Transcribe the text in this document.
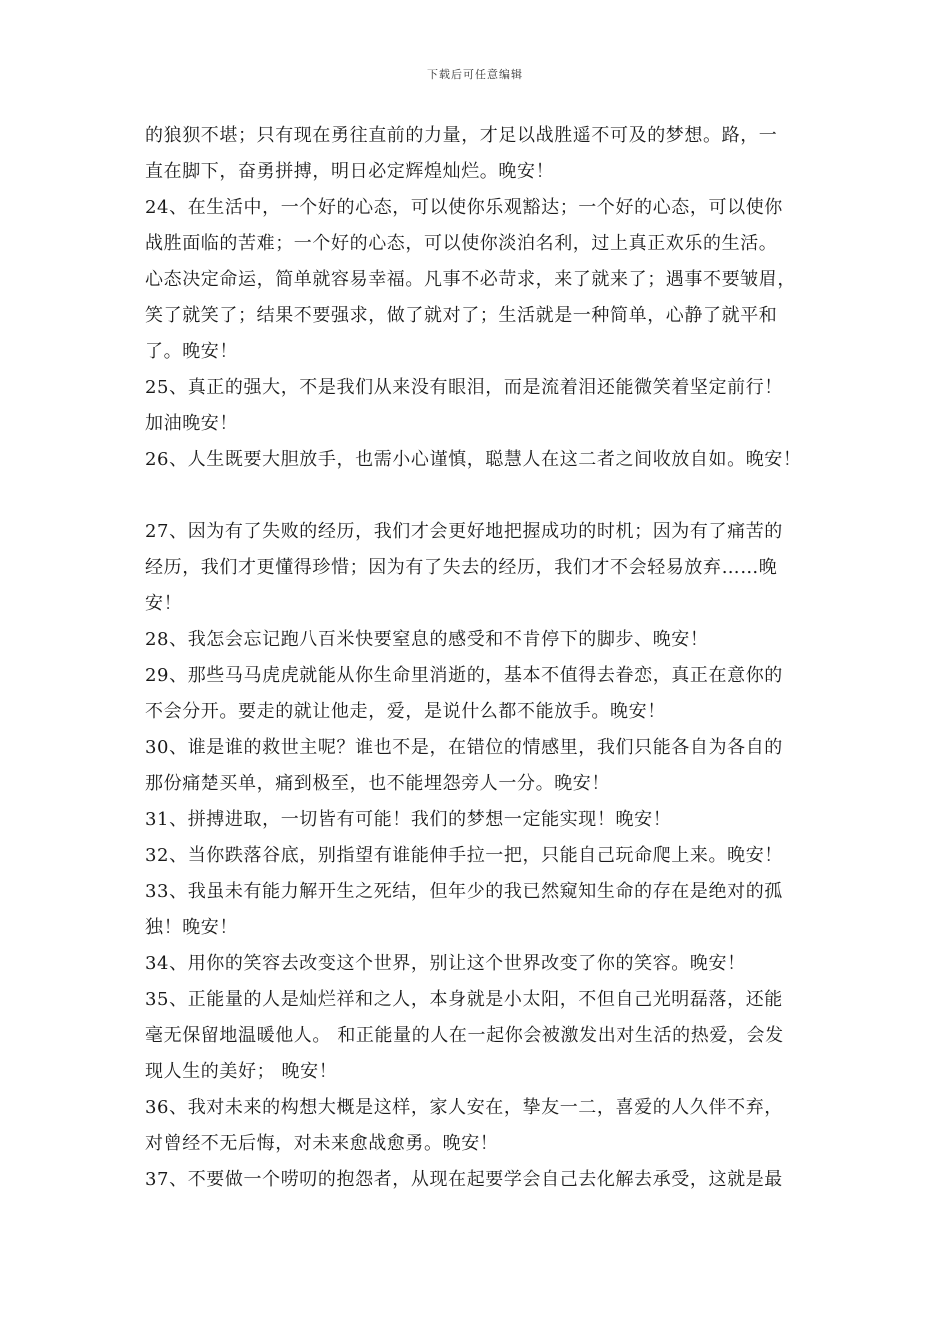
下载后可任意编辑
的狼狈不堪；只有现在勇往直前的力量，才足以战胜遥不可及的梦想。路，一
直在脚下，奋勇拼搏，明日必定辉煌灿烂。晚安！
24、在生活中，一个好的心态，可以使你乐观豁达；一个好的心态，可以使你
战胜面临的苦难；一个好的心态，可以使你淡泊名利，过上真正欢乐的生活。
心态决定命运，简单就容易幸福。凡事不必苛求，来了就来了；遇事不要皱眉，
笑了就笑了；结果不要强求，做了就对了；生活就是一种简单，心静了就平和
了。晚安！
25、真正的强大，不是我们从来没有眼泪，而是流着泪还能微笑着坚定前行！
加油晚安！
26、人生既要大胆放手，也需小心谨慎，聪慧人在这二者之间收放自如。晚安！
27、因为有了失败的经历，我们才会更好地把握成功的时机；因为有了痛苦的
经历，我们才更懂得珍惜；因为有了失去的经历，我们才不会轻易放弃……晚
安！
28、我怎会忘记跑八百米快要窒息的感受和不肯停下的脚步、晚安！
29、那些马马虎虎就能从你生命里消逝的，基本不值得去眷恋，真正在意你的
不会分开。要走的就让他走，爱，是说什么都不能放手。晚安！
30、谁是谁的救世主呢？谁也不是，在错位的情感里，我们只能各自为各自的
那份痛楚买单，痛到极至，也不能埋怨旁人一分。晚安！
31、拼搏进取，一切皆有可能！我们的梦想一定能实现！晚安！
32、当你跌落谷底，别指望有谁能伸手拉一把，只能自己玩命爬上来。晚安！
33、我虽未有能力解开生之死结，但年少的我已然窥知生命的存在是绝对的孤
独！晚安！
34、用你的笑容去改变这个世界，别让这个世界改变了你的笑容。晚安！
35、正能量的人是灿烂祥和之人，本身就是小太阳，不但自己光明磊落，还能
毫无保留地温暖他人。 和正能量的人在一起你会被激发出对生活的热爱，会发
现人生的美好； 晚安！
36、我对未来的构想大概是这样，家人安在，挚友一二，喜爱的人久伴不弃，
对曾经不无后悔，对未来愈战愈勇。晚安！
37、不要做一个唠叨的抱怨者，从现在起要学会自己去化解去承受，这就是最
